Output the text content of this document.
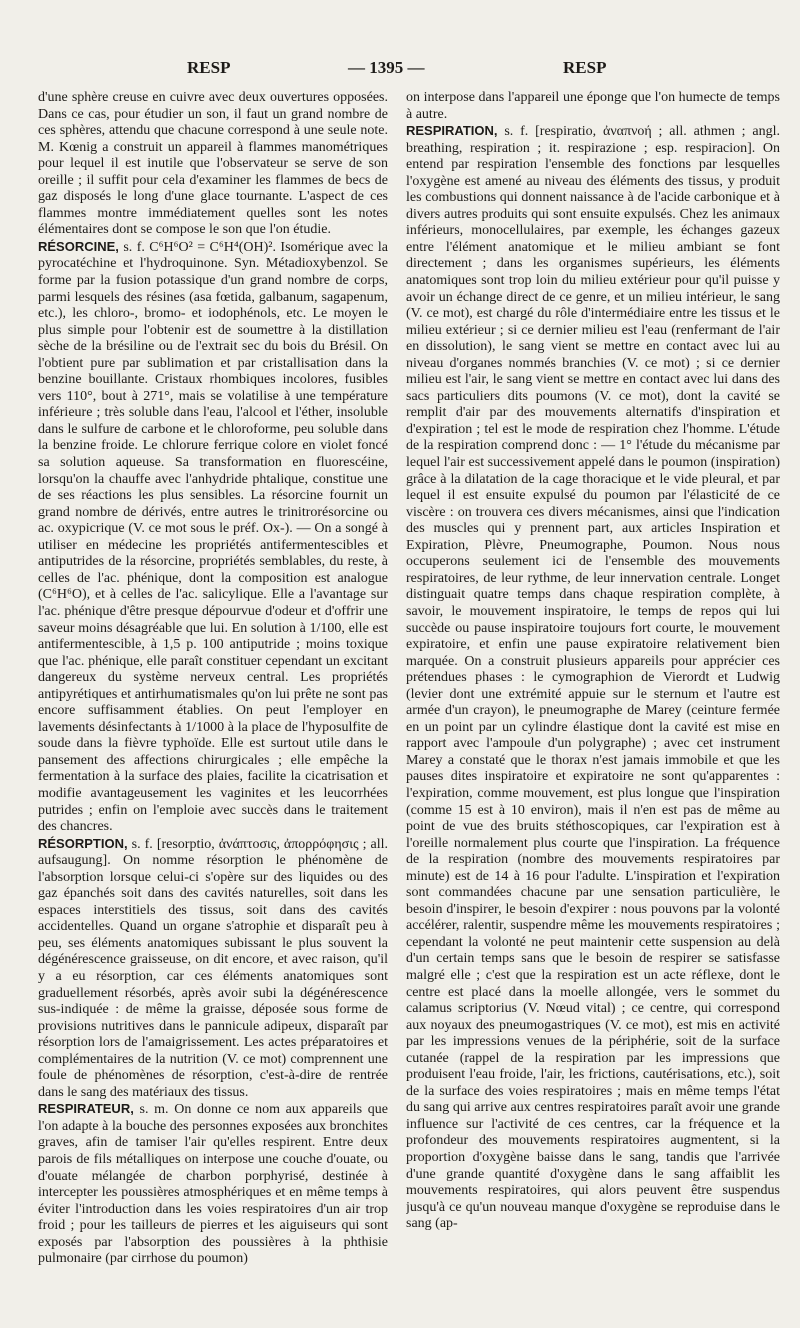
RESP	— 1395 —	RESP

d'une sphère creuse en cuivre avec deux ouvertures opposées. Dans ce cas, pour étudier un son, il faut un grand nombre de ces sphères, attendu que chacune correspond à une seule note. M. Kœnig a construit un appareil à flammes manométriques pour lequel il est inutile que l'observateur se serve de son oreille ; il suffit pour cela d'examiner les flammes de becs de gaz disposés le long d'une glace tournante. L'aspect de ces flammes montre immédiatement quelles sont les notes élémentaires dont se compose le son que l'on étudie.

RÉSORCINE, s. f. C⁶H⁶O² = C⁶H⁴(OH)². Isomérique avec la pyrocatéchine et l'hydroquinone. Syn. Métadioxybenzol. Se forme par la fusion potassique d'un grand nombre de corps, parmi lesquels des résines (asa fœtida, galbanum, sagapenum, etc.), les chloro-, bromo- et iodophénols, etc. Le moyen le plus simple pour l'obtenir est de soumettre à la distillation sèche de la brésiline ou de l'extrait sec du bois du Brésil. On l'obtient pure par sublimation et par cristallisation dans la benzine bouillante. Cristaux rhombiques incolores, fusibles vers 110°, bout à 271°, mais se volatilise à une température inférieure ; très soluble dans l'eau, l'alcool et l'éther, insoluble dans le sulfure de carbone et le chloroforme, peu soluble dans la benzine froide. Le chlorure ferrique colore en violet foncé sa solution aqueuse. Sa transformation en fluorescéine, lorsqu'on la chauffe avec l'anhydride phtalique, constitue une de ses réactions les plus sensibles. La résorcine fournit un grand nombre de dérivés, entre autres le trinitrorésorcine ou ac. oxypicrique (V. ce mot sous le préf. Ox-). — On a songé à utiliser en médecine les propriétés antifermentescibles et antiputrides de la résorcine, propriétés semblables, du reste, à celles de l'ac. phénique, dont la composition est analogue (C⁶H⁶O), et à celles de l'ac. salicylique. Elle a l'avantage sur l'ac. phénique d'être presque dépourvue d'odeur et d'offrir une saveur moins désagréable que lui. En solution à 1/100, elle est antifermentescible, à 1,5 p. 100 antiputride ; moins toxique que l'ac. phénique, elle paraît constituer cependant un excitant dangereux du système nerveux central. Les propriétés antipyrétiques et antirhumatismales qu'on lui prête ne sont pas encore suffisamment établies. On peut l'employer en lavements désinfectants à 1/1000 à la place de l'hyposulfite de soude dans la fièvre typhoïde. Elle est surtout utile dans le pansement des affections chirurgicales ; elle empêche la fermentation à la surface des plaies, facilite la cicatrisation et modifie avantageusement les vaginites et les leucorrhées putrides ; enfin on l'emploie avec succès dans le traitement des chancres.

RÉSORPTION, s. f. [resorptio, ἀνάπτοσις, ἀπορρόφησις ; all. aufsaugung]. On nomme résorption le phénomène de l'absorption lorsque celui-ci s'opère sur des liquides ou des gaz épanchés soit dans des cavités naturelles, soit dans les espaces interstitiels des tissus, soit dans des cavités accidentelles. Quand un organe s'atrophie et disparaît peu à peu, ses éléments anatomiques subissant le plus souvent la dégénérescence graisseuse, on dit encore, et avec raison, qu'il y a eu résorption, car ces éléments anatomiques sont graduellement résorbés, après avoir subi la dégénérescence sus-indiquée : de même la graisse, déposée sous forme de provisions nutritives dans le pannicule adipeux, disparaît par résorption lors de l'amaigrissement. Les actes préparatoires et complémentaires de la nutrition (V. ce mot) comprennent une foule de phénomènes de résorption, c'est-à-dire de rentrée dans le sang des matériaux des tissus.

RESPIRATEUR, s. m. On donne ce nom aux appareils que l'on adapte à la bouche des personnes exposées aux bronchites graves, afin de tamiser l'air qu'elles respirent. Entre deux parois de fils métalliques on interpose une couche d'ouate, ou d'ouate mélangée de charbon porphyrisé, destinée à intercepter les poussières atmosphériques et en même temps à éviter l'introduction dans les voies respiratoires d'un air trop froid ; pour les tailleurs de pierres et les aiguiseurs qui sont exposés par l'absorption des poussières à la phthisie pulmonaire (par cirrhose du poumon)

on interpose dans l'appareil une éponge que l'on humecte de temps à autre.

RESPIRATION, s. f. [respiratio, ἀναπνοή ; all. athmen ; angl. breathing, respiration ; it. respirazione ; esp. respiracion]. On entend par respiration l'ensemble des fonctions par lesquelles l'oxygène est amené au niveau des éléments des tissus, y produit les combustions qui donnent naissance à de l'acide carbonique et à divers autres produits qui sont ensuite expulsés. Chez les animaux inférieurs, monocellulaires, par exemple, les échanges gazeux entre l'élément anatomique et le milieu ambiant se font directement ; dans les organismes supérieurs, les éléments anatomiques sont trop loin du milieu extérieur pour qu'il puisse y avoir un échange direct de ce genre, et un milieu intérieur, le sang (V. ce mot), est chargé du rôle d'intermédiaire entre les tissus et le milieu extérieur ; si ce dernier milieu est l'eau (renfermant de l'air en dissolution), le sang vient se mettre en contact avec lui au niveau d'organes nommés branchies (V. ce mot) ; si ce dernier milieu est l'air, le sang vient se mettre en contact avec lui dans des sacs particuliers dits poumons (V. ce mot), dont la cavité se remplit d'air par des mouvements alternatifs d'inspiration et d'expiration ; tel est le mode de respiration chez l'homme. L'étude de la respiration comprend donc : — 1° l'étude du mécanisme par lequel l'air est successivement appelé dans le poumon (inspiration) grâce à la dilatation de la cage thoracique et le vide pleural, et par lequel il est ensuite expulsé du poumon par l'élasticité de ce viscère : on trouvera ces divers mécanismes, ainsi que l'indication des muscles qui y prennent part, aux articles Inspiration et Expiration, Plèvre, Pneumographe, Poumon. Nous nous occuperons seulement ici de l'ensemble des mouvements respiratoires, de leur rythme, de leur innervation centrale. Longet distinguait quatre temps dans chaque respiration complète, à savoir, le mouvement inspiratoire, le temps de repos qui lui succède ou pause inspiratoire toujours fort courte, le mouvement expiratoire, et enfin une pause expiratoire relativement bien marquée. On a construit plusieurs appareils pour apprécier ces prétendues phases : le cymographion de Vierordt et Ludwig (levier dont une extrémité appuie sur le sternum et l'autre est armée d'un crayon), le pneumographe de Marey (ceinture fermée en un point par un cylindre élastique dont la cavité est mise en rapport avec l'ampoule d'un polygraphe) ; avec cet instrument Marey a constaté que le thorax n'est jamais immobile et que les pauses dites inspiratoire et expiratoire ne sont qu'apparentes : l'expiration, comme mouvement, est plus longue que l'inspiration (comme 15 est à 10 environ), mais il n'en est pas de même au point de vue des bruits stéthoscopiques, car l'expiration est à l'oreille normalement plus courte que l'inspiration. La fréquence de la respiration (nombre des mouvements respiratoires par minute) est de 14 à 16 pour l'adulte. L'inspiration et l'expiration sont commandées chacune par une sensation particulière, le besoin d'inspirer, le besoin d'expirer : nous pouvons par la volonté accélérer, ralentir, suspendre même les mouvements respiratoires ; cependant la volonté ne peut maintenir cette suspension au delà d'un certain temps sans que le besoin de respirer se satisfasse malgré elle ; c'est que la respiration est un acte réflexe, dont le centre est placé dans la moelle allongée, vers le sommet du calamus scriptorius (V. Nœud vital) ; ce centre, qui correspond aux noyaux des pneumogastriques (V. ce mot), est mis en activité par les impressions venues de la périphérie, soit de la surface cutanée (rappel de la respiration par les impressions que produisent l'eau froide, l'air, les frictions, cautérisations, etc.), soit de la surface des voies respiratoires ; mais en même temps l'état du sang qui arrive aux centres respiratoires paraît avoir une grande influence sur l'activité de ces centres, car la fréquence et la profondeur des mouvements respiratoires augmentent, si la proportion d'oxygène baisse dans le sang, tandis que l'arrivée d'une grande quantité d'oxygène dans le sang affaiblit les mouvements respiratoires, qui alors peuvent être suspendus jusqu'à ce qu'un nouveau manque d'oxygène se reproduise dans le sang (ap-
